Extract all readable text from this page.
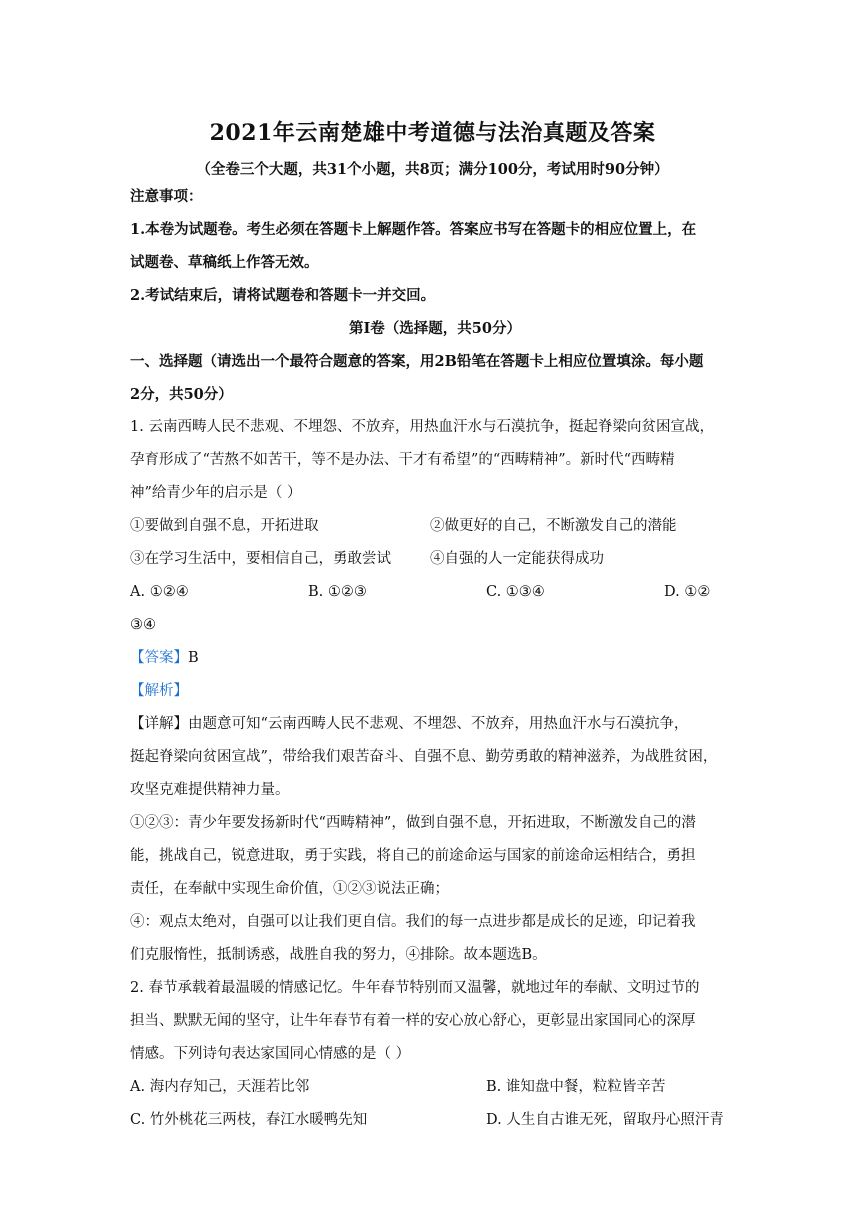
2021年云南楚雄中考道德与法治真题及答案
（全卷三个大题，共31个小题，共8页；满分100分，考试用时90分钟）
注意事项：
1.本卷为试题卷。考生必须在答题卡上解题作答。答案应书写在答题卡的相应位置上，在
试题卷、草稿纸上作答无效。
2.考试结束后，请将试题卷和答题卡一并交回。
第Ⅰ卷（选择题，共50分）
一、选择题（请选出一个最符合题意的答案，用2B铅笔在答题卡上相应位置填涂。每小题
2分，共50分）
1. 云南西畴人民不悲观、不埋怨、不放弃，用热血汗水与石漠抗争，挺起脊梁向贫困宣战，
孕育形成了“苦熬不如苦干，等不是办法、干才有希望”的“西畴精神”。新时代“西畴精
神”给青少年的启示是（ ）
①要做到自强不息，开拓进取	②做更好的自己，不断激发自己的潜能
③在学习生活中，要相信自己，勇敢尝试	④自强的人一定能获得成功
A. ①②④	B. ①②③	C. ①③④	D. ①②
③④
【答案】B
【解析】
【详解】由题意可知“云南西畴人民不悲观、不埋怨、不放弃，用热血汗水与石漠抗争，
挺起脊梁向贫困宣战”，带给我们艰苦奋斗、自强不息、勤劳勇敢的精神滋养，为战胜贫困，
攻坚克难提供精神力量。
①②③：青少年要发扬新时代“西畴精神”，做到自强不息，开拓进取，不断激发自己的潜
能，挑战自己，锐意进取，勇于实践，将自己的前途命运与国家的前途命运相结合，勇担
责任，在奉献中实现生命价值，①②③说法正确；
④：观点太绝对，自强可以让我们更自信。我们的每一点进步都是成长的足迹，印记着我
们克服惰性，抵制诱惑，战胜自我的努力，④排除。故本题选B。
2. 春节承载着最温暖的情感记忆。牛年春节特别而又温馨，就地过年的奉献、文明过节的
担当、默默无闻的坚守，让牛年春节有着一样的安心放心舒心，更彰显出家国同心的深厚
情感。下列诗句表达家国同心情感的是（ ）
A. 海内存知己，天涯若比邻	B. 谁知盘中餐，粒粒皆辛苦
C. 竹外桃花三两枝，春江水暖鸭先知	D. 人生自古谁无死，留取丹心照汗青
